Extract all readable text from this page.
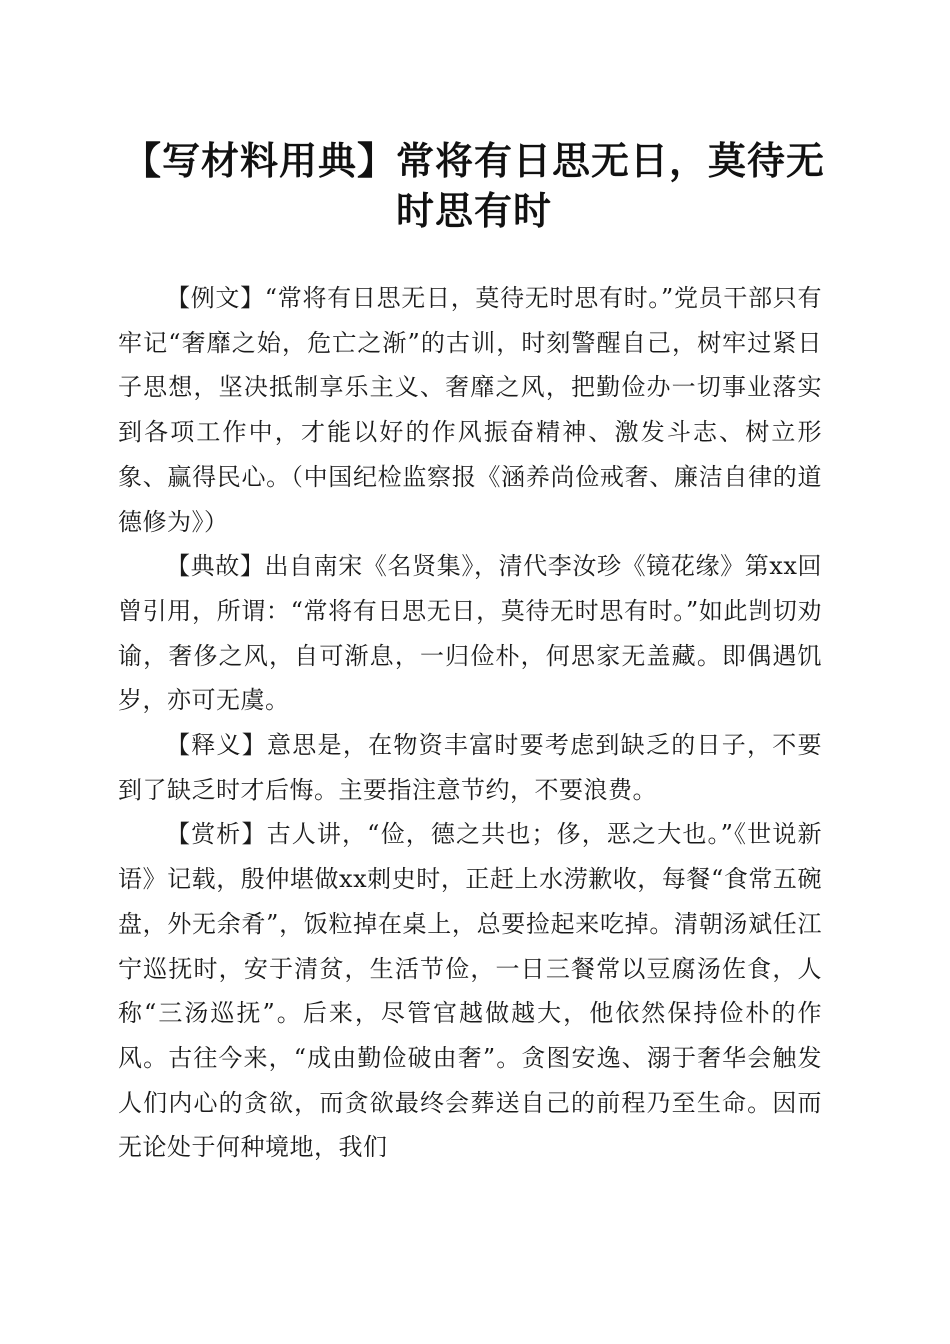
【写材料用典】常将有日思无日，莫待无时思有时

【例文】“常将有日思无日，莫待无时思有时。”党员干部只有牢记“奢靡之始，危亡之渐”的古训，时刻警醒自己，树牢过紧日子思想，坚决抵制享乐主义、奢靡之风，把勤俭办一切事业落实到各项工作中，才能以好的作风振奋精神、激发斗志、树立形象、赢得民心。（中国纪检监察报《涵养尚俭戒奢、廉洁自律的道德修为》）

【典故】出自南宋《名贤集》，清代李汝珍《镜花缘》第xx回曾引用，所谓：“常将有日思无日，莫待无时思有时。”如此剀切劝谕，奢侈之风，自可渐息，一归俭朴，何思家无盖藏。即偶遇饥岁，亦可无虞。

【释义】意思是，在物资丰富时要考虑到缺乏的日子，不要到了缺乏时才后悔。主要指注意节约，不要浪费。

【赏析】古人讲，“俭，德之共也；侈，恶之大也。”《世说新语》记载，殷仲堪做xx刺史时，正赶上水涝歉收，每餐“食常五碗盘，外无余肴”，饭粒掉在桌上，总要捡起来吃掉。清朝汤斌任江宁巡抚时，安于清贫，生活节俭，一日三餐常以豆腐汤佐食，人称“三汤巡抚”。后来，尽管官越做越大，他依然保持俭朴的作风。古往今来，“成由勤俭破由奢”。贪图安逸、溺于奢华会触发人们内心的贪欲，而贪欲最终会葬送自己的前程乃至生命。因而无论处于何种境地，我们
